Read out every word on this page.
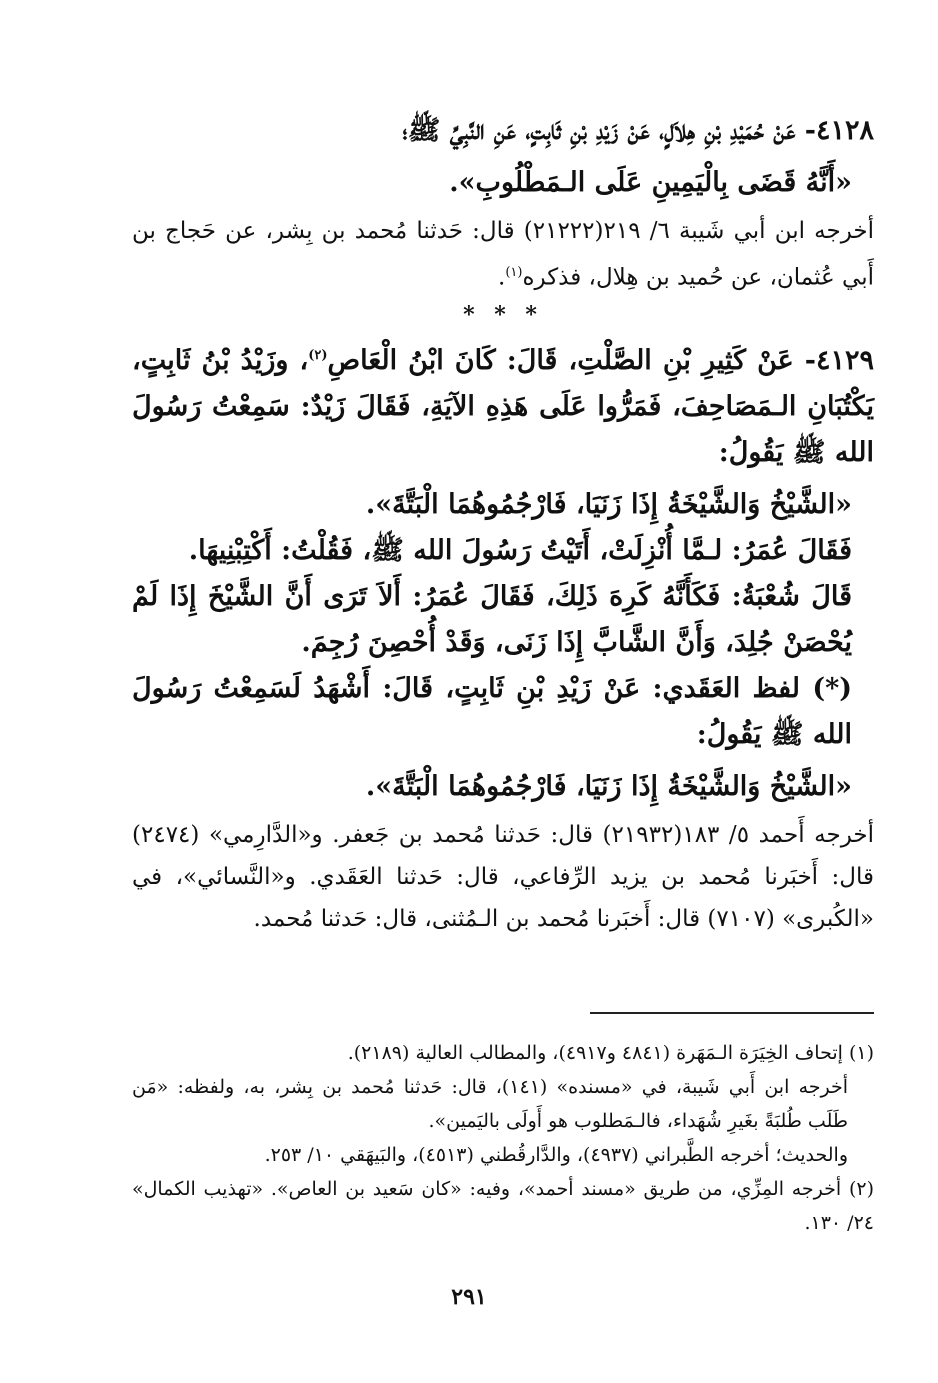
٤١٢٨- عَنْ حُمَيْدِ بْنِ هِلاَلٍ، عَنْ زَيْدِ بْنِ ثَابِتٍ، عَنِ النَّبِيِّ ﷺ؛

«أَنَّهُ قَضَى بِالْيَمِينِ عَلَى الـمَطْلُوبِ».

أخرجه ابن أبي شَيبة ٦/ ٢١٩(٢١٢٢٢) قال: حَدثنا مُحمد بن بِشر، عن حَجاج بن أَبي عُثمان، عن حُميد بن هِلال، فذكره$^{(١)}$.

* * *

٤١٢٩- عَنْ كَثِيرِ بْنِ الصَّلْتِ، قَالَ: كَانَ ابْنُ الْعَاصِ$^{(٢)}$، وزَيْدُ بْنُ ثَابِتٍ، يَكْتُبَانِ الـمَصَاحِفَ، فَمَرُّوا عَلَى هَذِهِ الآيَةِ، فَقَالَ زَيْدٌ: سَمِعْتُ رَسُولَ الله ﷺ يَقُولُ:

«الشَّيْخُ وَالشَّيْخَةُ إِذَا زَنَيَا، فَارْجُمُوهُمَا الْبَتَّةَ».

فَقَالَ عُمَرُ: لـمَّا أُنْزِلَتْ، أَتَيْتُ رَسُولَ الله ﷺ، فَقُلْتُ: أَكْتِبْنِيهَا.

قَالَ شُعْبَةُ: فَكَأَنَّهُ كَرِهَ ذَلِكَ، فَقَالَ عُمَرُ: أَلاَ تَرَى أَنَّ الشَّيْخَ إِذَا لَمْ يُحْصَنْ جُلِدَ، وَأَنَّ الشَّابَّ إِذَا زَنَى، وَقَدْ أُحْصِنَ رُجِمَ.

(*) لفظ العَقَدي: عَنْ زَيْدِ بْنِ ثَابِتٍ، قَالَ: أَشْهَدُ لَسَمِعْتُ رَسُولَ الله ﷺ يَقُولُ:

«الشَّيْخُ وَالشَّيْخَةُ إِذَا زَنَيَا، فَارْجُمُوهُمَا الْبَتَّةَ».

أخرجه أَحمد ٥/ ١٨٣(٢١٩٣٢) قال: حَدثنا مُحمد بن جَعفر. و«الدَّارِمي» (٢٤٧٤) قال: أَخبَرنا مُحمد بن يزيد الرِّفاعي، قال: حَدثنا العَقَدي. و«النَّسائي»، في «الكُبرى» (٧١٠٧) قال: أَخبَرنا مُحمد بن الـمُثنى، قال: حَدثنا مُحمد.

(١) إتحاف الخِيَرَة الـمَهَرة (٤٨٤١ و٤٩١٧)، والمطالب العالية (٢١٨٩).

أخرجه ابن أَبي شَيبة، في «مسنده» (١٤١)، قال: حَدثنا مُحمد بن بِشر، به، ولفظه: «مَن طَلَب طُلبَةً بغَيرِ شُهَداء، فالـمَطلوب هو أَولَى باليَمين».

والحديث؛ أخرجه الطَّبراني (٤٩٣٧)، والدَّارقُطني (٤٥١٣)، والبَيهَقي ١٠/ ٢٥٣.

(٢) أخرجه المِزِّي، من طريق «مسند أحمد»، وفيه: «كان سَعيد بن العاص». «تهذيب الكمال» ٢٤/ ١٣٠.

٢٩١
